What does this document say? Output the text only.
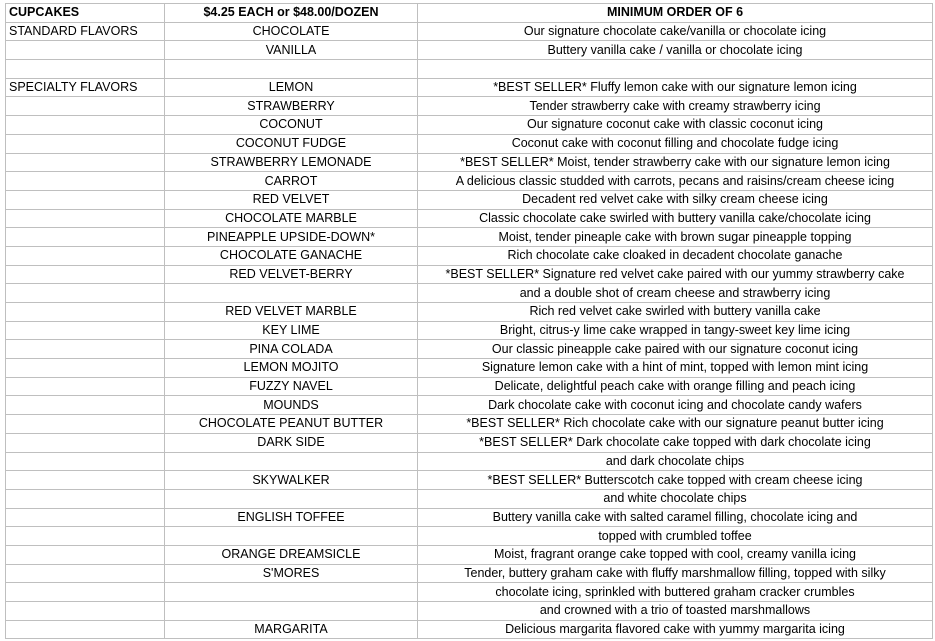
CUPCAKES	$4.25 EACH or $48.00/DOZEN	MINIMUM ORDER OF 6
STANDARD FLAVORS	CHOCOLATE	Our signature chocolate cake/vanilla or chocolate icing
	VANILLA	Buttery vanilla cake / vanilla or chocolate icing

SPECIALTY FLAVORS	LEMON	*BEST SELLER* Fluffy lemon cake with our signature lemon icing
	STRAWBERRY	Tender strawberry cake with creamy strawberry icing
	COCONUT	Our signature coconut cake with classic coconut icing
	COCONUT FUDGE	Coconut cake with coconut filling and chocolate fudge icing
	STRAWBERRY LEMONADE	*BEST SELLER* Moist, tender strawberry cake with our signature lemon icing
	CARROT	A delicious classic studded with carrots, pecans and raisins/cream cheese icing
	RED VELVET	Decadent red velvet cake with silky cream cheese icing
	CHOCOLATE MARBLE	Classic chocolate cake swirled with buttery vanilla cake/chocolate icing
	PINEAPPLE UPSIDE-DOWN*	Moist, tender pineaple cake with brown sugar pineapple topping
	CHOCOLATE GANACHE	Rich chocolate cake cloaked in decadent chocolate ganache
	RED VELVET-BERRY	*BEST SELLER* Signature red velvet cake paired with our yummy strawberry cake
		and a double shot of cream cheese and strawberry icing
	RED VELVET MARBLE	Rich red velvet cake swirled with buttery vanilla cake
	KEY LIME	Bright, citrus-y lime cake wrapped in tangy-sweet key lime icing
	PINA COLADA	Our classic pineapple cake paired with our signature coconut icing
	LEMON MOJITO	Signature lemon cake with a hint of mint, topped with lemon mint icing
	FUZZY NAVEL	Delicate, delightful peach cake with orange filling and peach icing
	MOUNDS	Dark chocolate cake with coconut icing and chocolate candy wafers
	CHOCOLATE PEANUT BUTTER	*BEST SELLER* Rich chocolate cake with our signature peanut butter icing
	DARK SIDE	*BEST SELLER* Dark chocolate cake topped with dark chocolate icing
		and dark chocolate chips
	SKYWALKER	*BEST SELLER* Butterscotch cake topped with cream cheese icing
		and white chocolate chips
	ENGLISH TOFFEE	Buttery vanilla cake with salted caramel filling, chocolate icing and
		topped with crumbled toffee
	ORANGE DREAMSICLE	Moist, fragrant orange cake topped with cool, creamy vanilla icing
	S'MORES	Tender, buttery graham cake with fluffy marshmallow filling, topped with silky
		chocolate icing, sprinkled with buttered graham cracker crumbles
		and crowned with a trio of toasted marshmallows
	MARGARITA	Delicious margarita flavored cake with yummy margarita icing
